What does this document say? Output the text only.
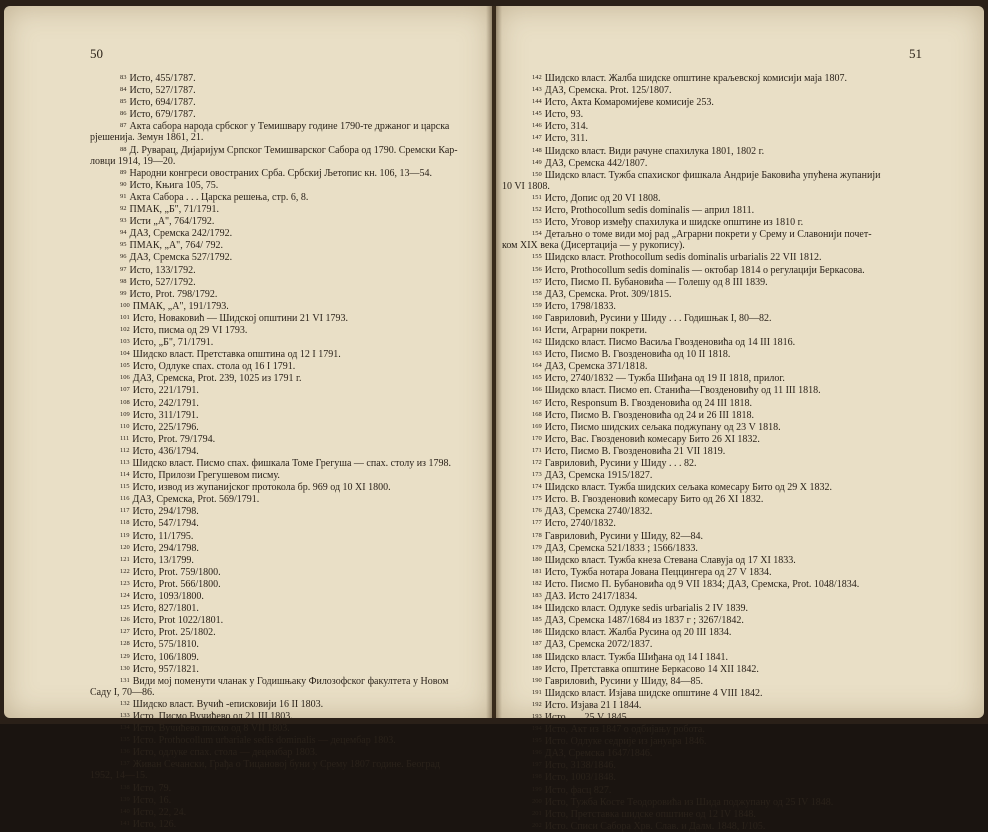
50
$^{83}$ Исто, 455/1787.
$^{84}$ Исто, 527/1787.
$^{85}$ Исто, 694/1787.
$^{86}$ Исто, 679/1787.
$^{87}$ Акта сабора народа србског у Темишвару године 1790-те држаног и царска
рјешенија. Земун 1861, 21.
$^{88}$ Д. Руварац, Дијаријум Српског Темишварског Сабора од 1790. Сремски Кар-
ловци 1914, 19—20.
$^{89}$ Народни конгреси овостраних Срба. Србскиј Љетопис кн. 106, 13—54.
$^{90}$ Исто, Књига 105, 75.
$^{91}$ Акта Сабора . . . Царска решења, стр. 6, 8.
$^{92}$ ПМАК, „Б", 71/1791.
$^{93}$ Исти „А", 764/1792.
$^{94}$ ДАЗ, Сремска 242/1792.
$^{95}$ ПМАК, „А", 764/ 792.
$^{96}$ ДАЗ, Сремска 527/1792.
$^{97}$ Исто, 133/1792.
$^{98}$ Исто, 527/1792.
$^{99}$ Исто, Prot. 798/1792.
$^{100}$ ПМАК, „А", 191/1793.
$^{101}$ Исто, Новаковић — Шидској општини 21 VI 1793.
$^{102}$ Исто, писма од 29 VI 1793.
$^{103}$ Исто, „Б", 71/1791.
$^{104}$ Шидско власт. Претставка општина од 12 I 1791.
$^{105}$ Исто, Одлуке спах. стола од 16 I 1791.
$^{106}$ ДАЗ, Сремска, Prot. 239, 1025 из 1791 г.
$^{107}$ Исто, 221/1791.
$^{108}$ Исто, 242/1791.
$^{109}$ Исто, 311/1791.
$^{110}$ Исто, 225/1796.
$^{111}$ Исто, Prot. 79/1794.
$^{112}$ Исто, 436/1794.
$^{113}$ Шидско власт. Писмо спах. фишкала Томе Грегуша — спах. столу из 1798.
$^{114}$ Исто, Прилози Грегушевом писму.
$^{115}$ Исто, извод из жупанијског протокола бр. 969 од 10 XI 1800.
$^{116}$ ДАЗ, Сремска, Prot. 569/1791.
$^{117}$ Исто, 294/1798.
$^{118}$ Исто, 547/1794.
$^{119}$ Исто, 11/1795.
$^{120}$ Исто, 294/1798.
$^{121}$ Исто, 13/1799.
$^{122}$ Исто, Prot. 759/1800.
$^{123}$ Исто, Prot. 566/1800.
$^{124}$ Исто, 1093/1800.
$^{125}$ Исто, 827/1801.
$^{126}$ Исто, Prot 1022/1801.
$^{127}$ Исто, Prot. 25/1802.
$^{128}$ Исто, 575/1810.
$^{129}$ Исто, 106/1809.
$^{130}$ Исто, 957/1821.
$^{131}$ Види мој поменути чланак у Годишњаку Филозофског факултета у Новом
Саду I, 70—86.
$^{132}$ Шидско власт. Вучић -еписковији 16 II 1803.
$^{133}$ Исто, Писмо Вучићево од 21 III 1803.
$^{134}$ Исто, Вучићево писмо од 8 VII 1803.
$^{135}$ Исто. Prothocollum urbariale sedis dominalis — децембар 1803.
$^{136}$ Исто, одлуке спах. стола — децембар 1803.
$^{137}$ Живан Сечански, Грађа о Тицановој буни у Срему 1807 године. Београд
1952, 14—15.
$^{138}$ Исто, 79.
$^{139}$ Исто, 16.
$^{140}$ Исто, 22, 24.
$^{141}$ Исто, 126.
51
$^{142}$ Шидско власт. Жалба шидске општине краљевској комисији маја 1807.
$^{143}$ ДАЗ, Сремска. Prot. 125/1807.
$^{144}$ Исто, Акта Комаромијеве комисије 253.
$^{145}$ Исто, 93.
$^{146}$ Исто, 314.
$^{147}$ Исто, 311.
$^{148}$ Шидско власт. Види рачуне спахилука 1801, 1802 г.
$^{149}$ ДАЗ, Сремска 442/1807.
$^{150}$ Шидско власт. Тужба спахиског фишкала Андрије Баковића упућена жупанији
10 VI 1808.
$^{151}$ Исто, Допис од 20 VI 1808.
$^{152}$ Исто, Prothocollum sedis dominalis — април 1811.
$^{153}$ Исто, Уговор између спахилука и шидске општине из 1810 г.
$^{154}$ Детаљно о томе види мој рад „Аграрни покрети у Срему и Славонији почет-
ком XIX века (Дисертација — у рукопису).
$^{155}$ Шидско власт. Prothocollum sedis dominalis urbarialis 22 VII 1812.
$^{156}$ Исто, Prothocollum sedis dominalis — октобар 1814 о регулацији Беркасова.
$^{157}$ Исто, Писмо П. Бубановића — Голешу од 8 III 1839.
$^{158}$ ДАЗ, Сремска. Prot. 309/1815.
$^{159}$ Исто, 1798/1833.
$^{160}$ Гавриловић, Русини у Шиду . . . Годишњак I, 80—82.
$^{161}$ Исти, Аграрни покрети.
$^{162}$ Шидско власт. Писмо Васиља Гвозденовића од 14 III 1816.
$^{163}$ Исто, Писмо В. Гвозденовића од 10 II 1818.
$^{164}$ ДАЗ, Сремска 371/1818.
$^{165}$ Исто, 2740/1832 — Тужба Шиђана од 19 II 1818, прилог.
$^{166}$ Шидско власт. Писмо еп. Станића—Гвозденовићу од 11 III 1818.
$^{167}$ Исто, Responsum В. Гвозденовића од 24 III 1818.
$^{168}$ Исто, Писмо В. Гвозденовића од 24 и 26 III 1818.
$^{169}$ Исто, Писмо шидских сељака поджупану од 23 V 1818.
$^{170}$ Исто, Вас. Гвозденовић комесару Бито 26 XI 1832.
$^{171}$ Исто, Писмо В. Гвозденовића 21 VII 1819.
$^{172}$ Гавриловић, Русини у Шиду . . . 82.
$^{173}$ ДАЗ, Сремска 1915/1827.
$^{174}$ Шидско власт. Тужба шидских сељака комесару Бито од 29 X 1832.
$^{175}$ Исто. В. Гвозденовић комесару Бито од 26 XI 1832.
$^{176}$ ДАЗ, Сремска 2740/1832.
$^{177}$ Исто, 2740/1832.
$^{178}$ Гавриловић, Русини у Шиду, 82—84.
$^{179}$ ДАЗ, Сремска 521/1833 ; 1566/1833.
$^{180}$ Шидско власт. Тужба кнеза Стевана Славуја од 17 XI 1833.
$^{181}$ Исто, Тужба нотара Јована Пеццингера од 27 V 1834.
$^{182}$ Исто. Писмо П. Бубановића од 9 VII 1834; ДАЗ, Сремска, Prot. 1048/1834.
$^{183}$ ДАЗ. Исто 2417/1834.
$^{184}$ Шидско власт. Одлуке sedis urbarialis 2 IV 1839.
$^{185}$ ДАЗ, Сремска 1487/1684 из 1837 г ; 3267/1842.
$^{186}$ Шидско власт. Жалба Русина од 20 III 1834.
$^{187}$ ДАЗ, Сремска 2072/1837.
$^{188}$ Шидско власт. Тужба Шиђана од 14 I 1841.
$^{189}$ Исто, Претставка општине Беркасово 14 XII 1842.
$^{190}$ Гавриловић, Русини у Шиду, 84—85.
$^{191}$ Шидско власт. Изјава шидске општине 4 VIII 1842.
$^{192}$ Исто. Изјава 21 I 1844.
$^{193}$ Исто, „ „ 25 V 1845.
$^{194}$ Исто, Акт из 1847 о одбијању робота.
$^{195}$ Исто. Одлуке седрије из јануара 1846.
$^{196}$ ДАЗ, Сремска 1647/1846.
$^{197}$ Исто, 3138/1846.
$^{198}$ Исто, 1003/1848.
$^{199}$ Исто, фасц 827.
$^{200}$ Исто, Тужба Косте Теодоровића из Шида поджупану од 25 IV 1848.
$^{201}$ Исто, Претставка шидске општине од 12 IV 1848.
$^{202}$ Исто. Списи Сабора Хрв. Слав. и Далм. 1848, I/105.
